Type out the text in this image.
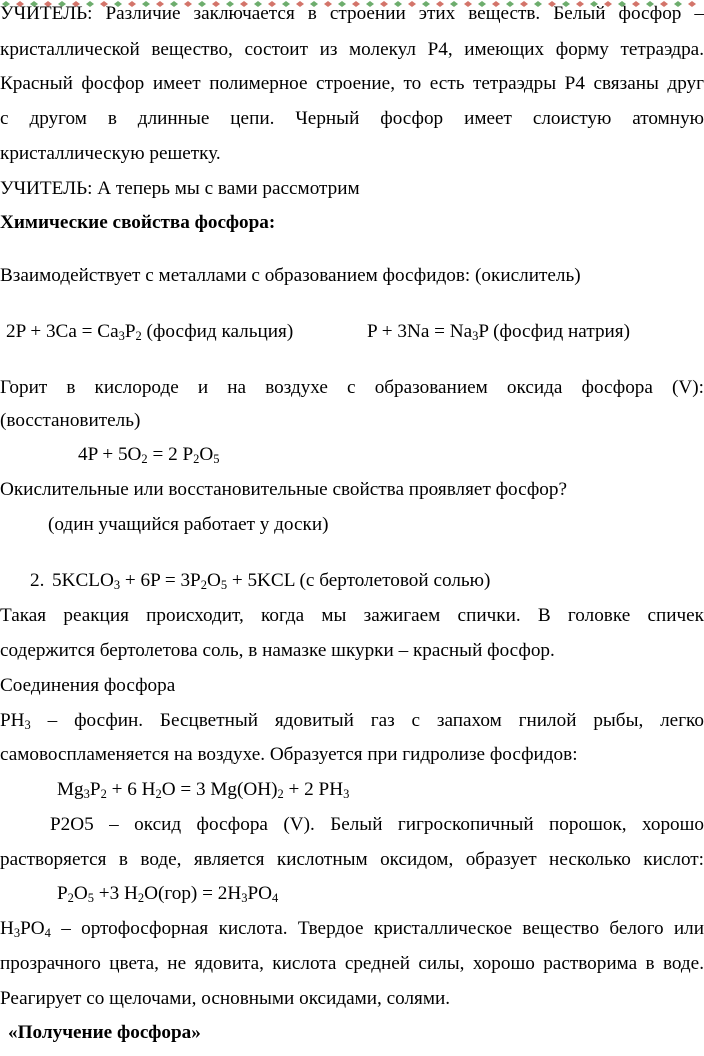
УЧИТЕЛЬ: Различие заключается в строении этих веществ. Белый фосфор –
кристаллической вещество, состоит из молекул Р4, имеющих форму тетраэдра.
Красный фосфор имеет полимерное строение, то есть тетраэдры Р4 связаны друг
с другом в длинные цепи. Черный фосфор имеет слоистую атомную
кристаллическую решетку.
УЧИТЕЛЬ: А теперь мы с вами рассмотрим
Химические свойства фосфора:
Взаимодействует с металлами с образованием фосфидов: (окислитель)
$2P + 3Ca = Ca_3P_2$ (фосфид кальция)	$P + 3Na = Na_3P$ (фосфид натрия)
Горит в кислороде и на воздухе с образованием оксида фосфора (V):
(восстановитель)
$4P + 5O_2 = 2$ $P_2O_5$
Окислительные или восстановительные свойства проявляет фосфор?
(один учащийся работает у доски)
2. $5KCLO_3 + 6P = 3P_2O_5 + 5KCL$ (с бертолетовой солью)
Такая реакция происходит, когда мы зажигаем спички. В головке спичек
содержится бертолетова соль, в намазке шкурки – красный фосфор.
Соединения фосфора
$PH_3$ – фосфин. Бесцветный ядовитый газ с запахом гнилой рыбы, легко
самовоспламеняется на воздухе. Образуется при гидролизе фосфидов:
$Mg_3P_2 + 6$ $H_2O = 3$ $Mg(OH)_2 + 2$ $PH_3$
Р2О5 – оксид фосфора (V). Белый гигроскопичный порошок, хорошо
растворяется в воде, является кислотным оксидом, образует несколько кислот:
$P_2O_5 +3$ $H_2O(гор) = 2H_3PO_4$
$H_3PO_4$ – ортофосфорная кислота. Твердое кристаллическое вещество белого или
прозрачного цвета, не ядовита, кислота средней силы, хорошо растворима в воде.
Реагирует со щелочами, основными оксидами, солями.
«Получение фосфора»
